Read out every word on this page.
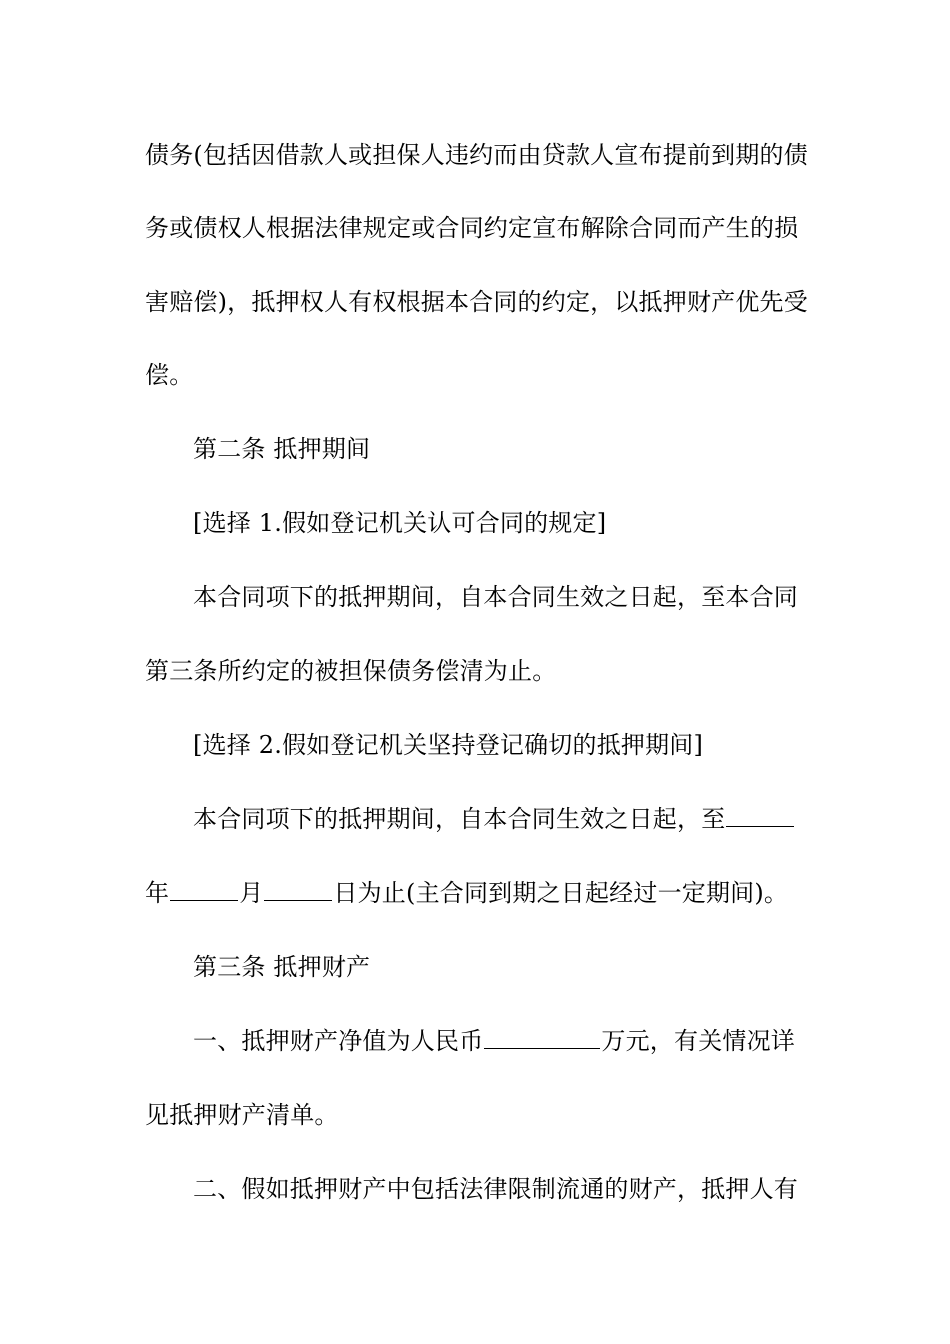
债务(包括因借款人或担保人违约而由贷款人宣布提前到期的债
务或债权人根据法律规定或合同约定宣布解除合同而产生的损
害赔偿)，抵押权人有权根据本合同的约定，以抵押财产优先受
偿。
第二条 抵押期间
[选择 1.假如登记机关认可合同的规定]
本合同项下的抵押期间，自本合同生效之日起，至本合同
第三条所约定的被担保债务偿清为止。
[选择 2.假如登记机关坚持登记确切的抵押期间]
本合同项下的抵押期间，自本合同生效之日起，至
年	月	日为止(主合同到期之日起经过一定期间)。
第三条 抵押财产
一、抵押财产净值为人民币	万元，有关情况详
见抵押财产清单。
二、假如抵押财产中包括法律限制流通的财产，抵押人有
